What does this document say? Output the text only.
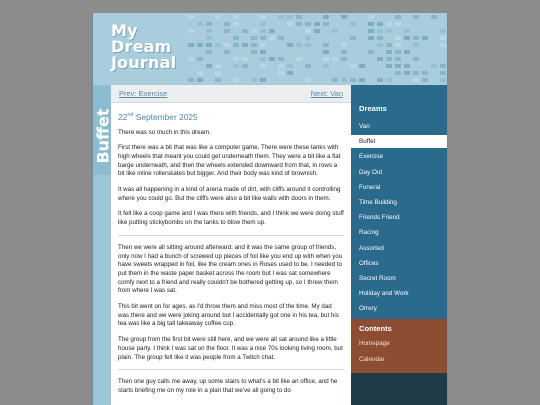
My
Dream
Journal
Buffet
Prev: Exercise	Next: Van
22nd September 2025

There was so much in this dream.

First there was a bit that was like a computer game. There were these tanks with high wheels that meant you could get underneath them. They were a bit like a flat barge underneath, and then the wheels extended downward from that, in rows a bit like inline rollerskates but bigger. And their body was kind of brownish.

It was all happening in a kind of arena made of dirt, with cliffs around it controlling where you could go. But the cliffs were also a bit like walls with doors in them.

It felt like a coop game and I was there with friends, and I think we were doing stuff like putting stickybombs on the tanks to blow them up.

Then we were all sitting around afterward, and it was the same group of friends, only now I had a bunch of screwed up pieces of foil like you end up with when you have sweets wrapped in foil, like the cream ones in Roses used to be. I needed to put them in the waste paper basket across the room but I was sat somewhere comfy next to a friend and really couldn't be bothered getting up, so I threw them from where I was sat.

This bit went on for ages, as I'd throw them and miss most of the time. My dad was there and we were joking around but I accidentally got one in his tea, but his tea was like a big tall takeaway coffee cup.

The group from the first bit were still here, and we were all sat around like a little house party. I think I was sat on the floor. It was a nice 70s looking living room, but plain. The group felt like it was people from a Twitch chat.

Then one guy calls me away, up some stairs to what's a bit like an office, and he starts briefing me on my role in a plan that we've all going to do

Dreams
Van
Buffet
Exercise
Day Out
Funeral
Time Building
Friends Friend
Racing
Assorted
Offices
Secret Room
Holiday and Work
Orrery
Contents
Homepage
Calendar
